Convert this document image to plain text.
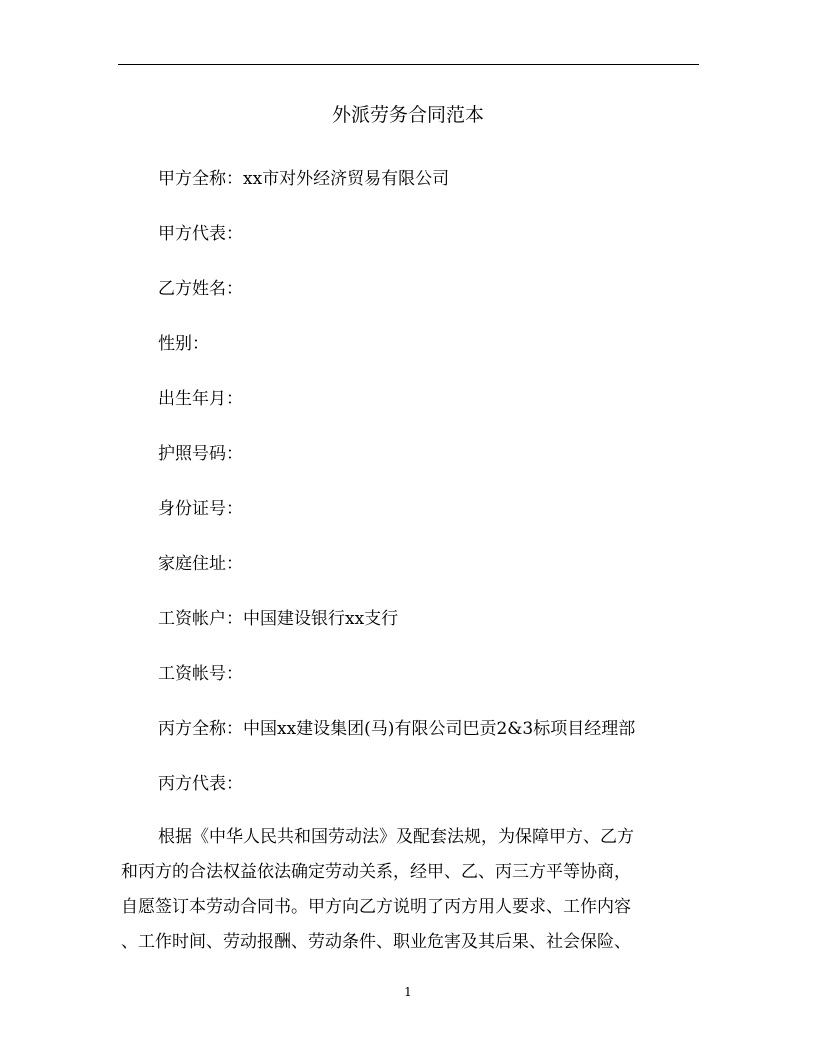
外派劳务合同范本
甲方全称：xx市对外经济贸易有限公司
甲方代表：
乙方姓名：
性别：
出生年月：
护照号码：
身份证号：
家庭住址：
工资帐户：中国建设银行xx支行
工资帐号：
丙方全称：中国xx建设集团(马)有限公司巴贡2&3标项目经理部
丙方代表：
根据《中华人民共和国劳动法》及配套法规，为保障甲方、乙方
和丙方的合法权益依法确定劳动关系，经甲、乙、丙三方平等协商，
自愿签订本劳动合同书。甲方向乙方说明了丙方用人要求、工作内容
、工作时间、劳动报酬、劳动条件、职业危害及其后果、社会保险、
1
